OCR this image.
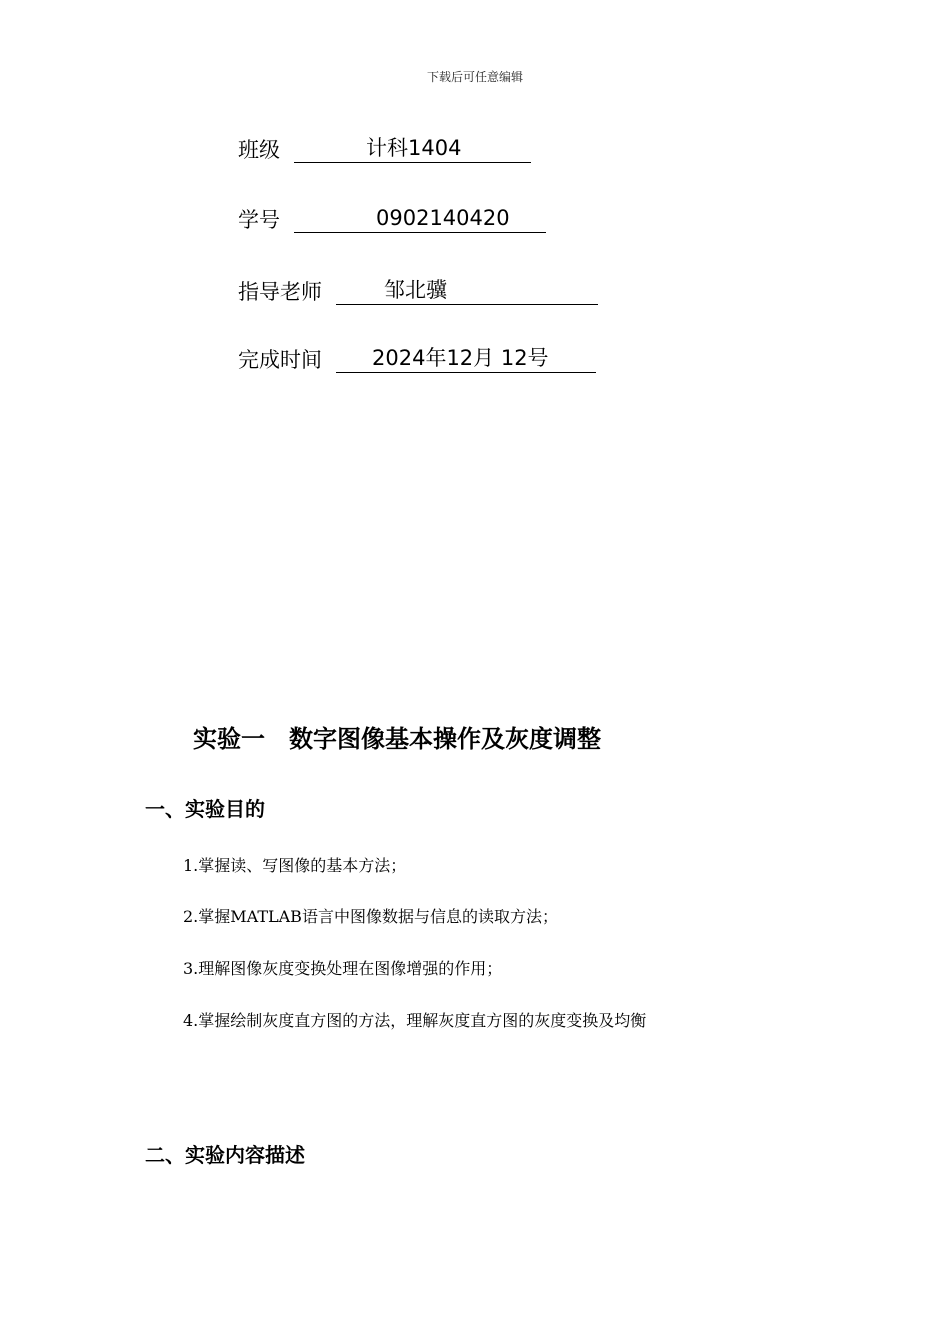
下载后可任意编辑
班级	计科1404
学号	0902140420
指导老师	邹北骥
完成时间 2024年12月 12号
实验一　数字图像基本操作及灰度调整
一、实验目的
1.掌握读、写图像的基本方法；
2.掌握MATLAB语言中图像数据与信息的读取方法；
3.理解图像灰度变换处理在图像增强的作用；
4.掌握绘制灰度直方图的方法，理解灰度直方图的灰度变换及均衡
二、实验内容描述
